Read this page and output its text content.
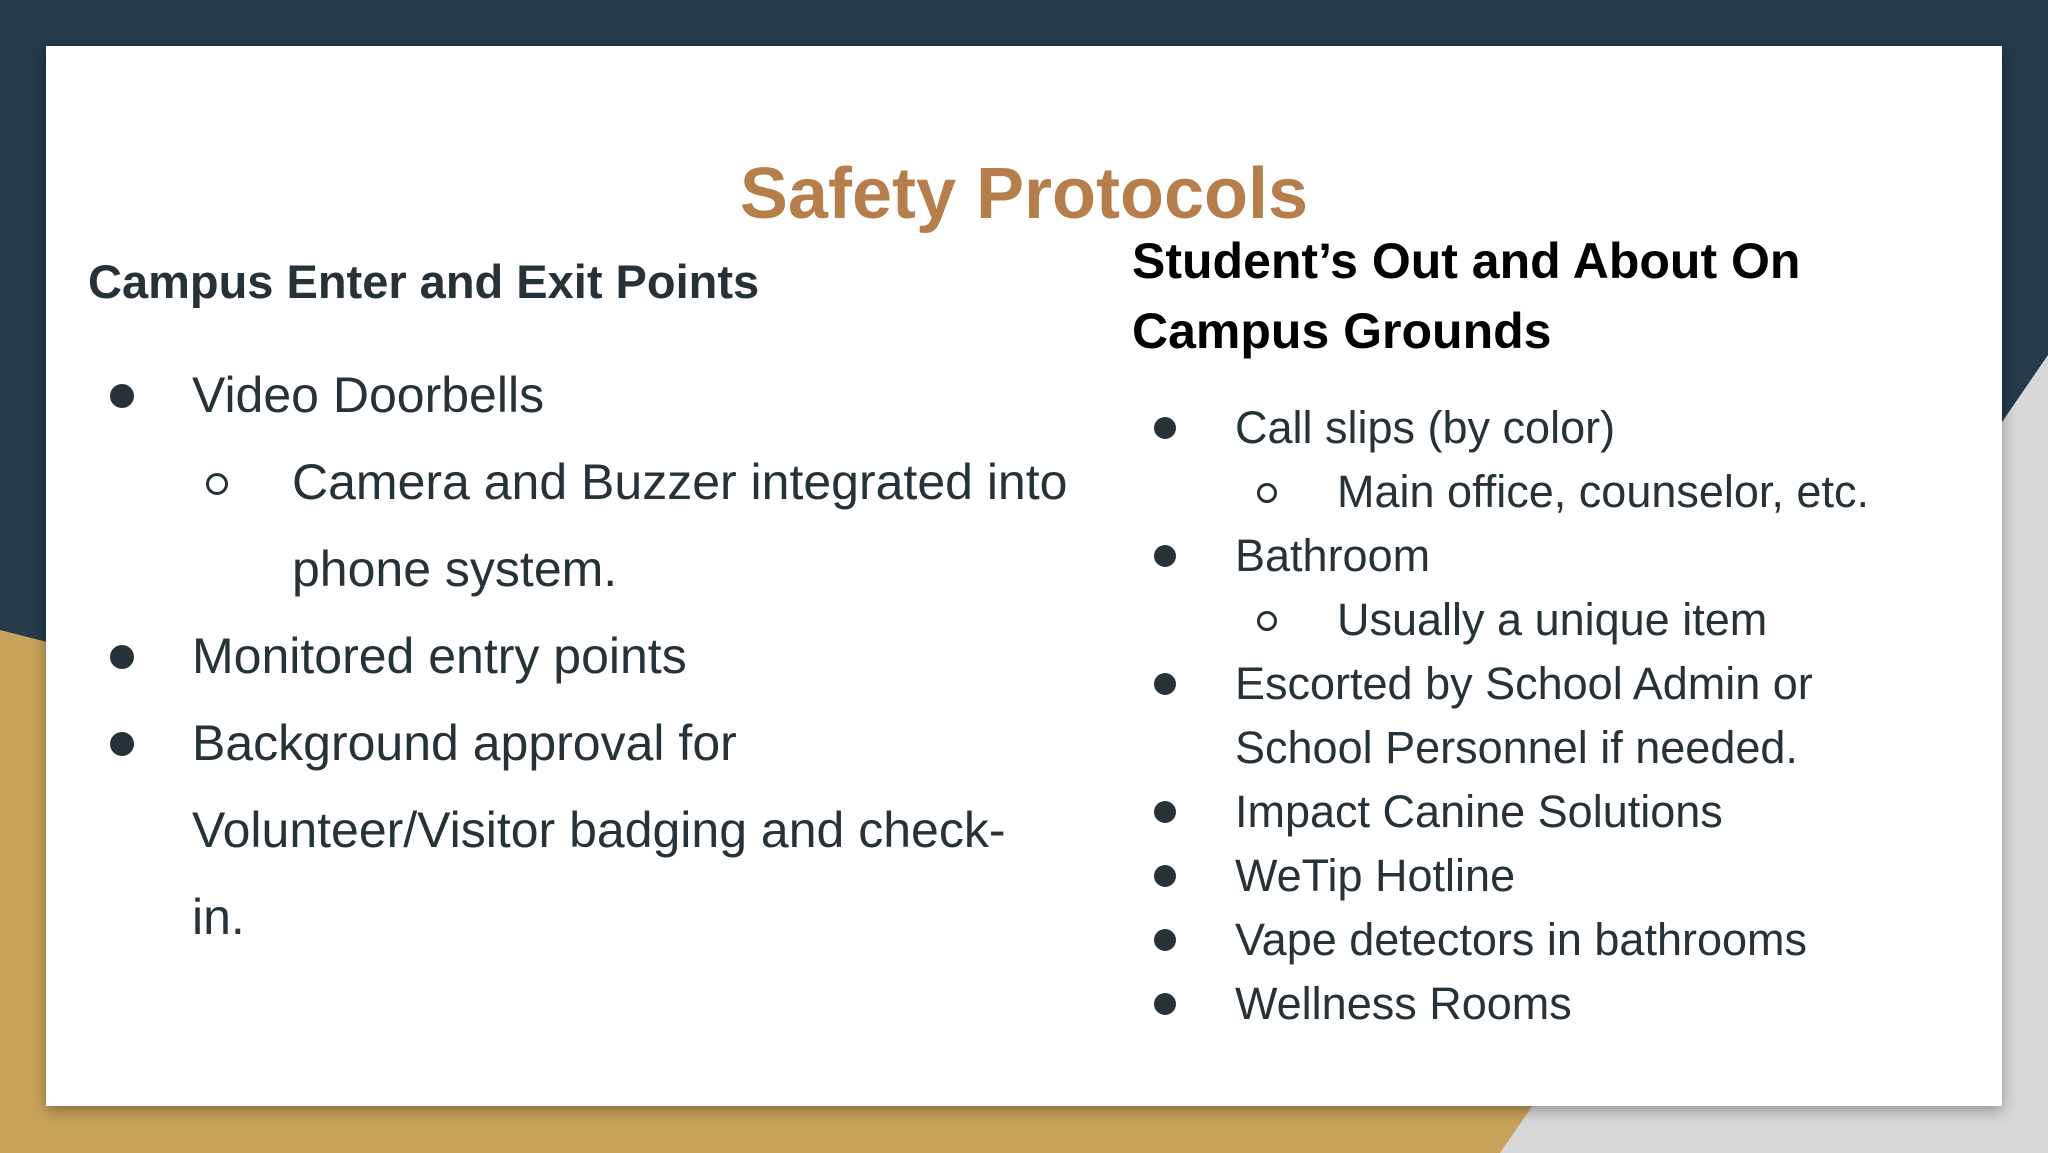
Safety Protocols

Campus Enter and Exit Points

Video Doorbells
Camera and Buzzer integrated into phone system.
Monitored entry points
Background approval for Volunteer/Visitor badging and check-in.

Student’s Out and About On Campus Grounds

Call slips (by color)
Main office, counselor, etc.
Bathroom
Usually a unique item
Escorted by School Admin or School Personnel if needed.
Impact Canine Solutions
WeTip Hotline
Vape detectors in bathrooms
Wellness Rooms
